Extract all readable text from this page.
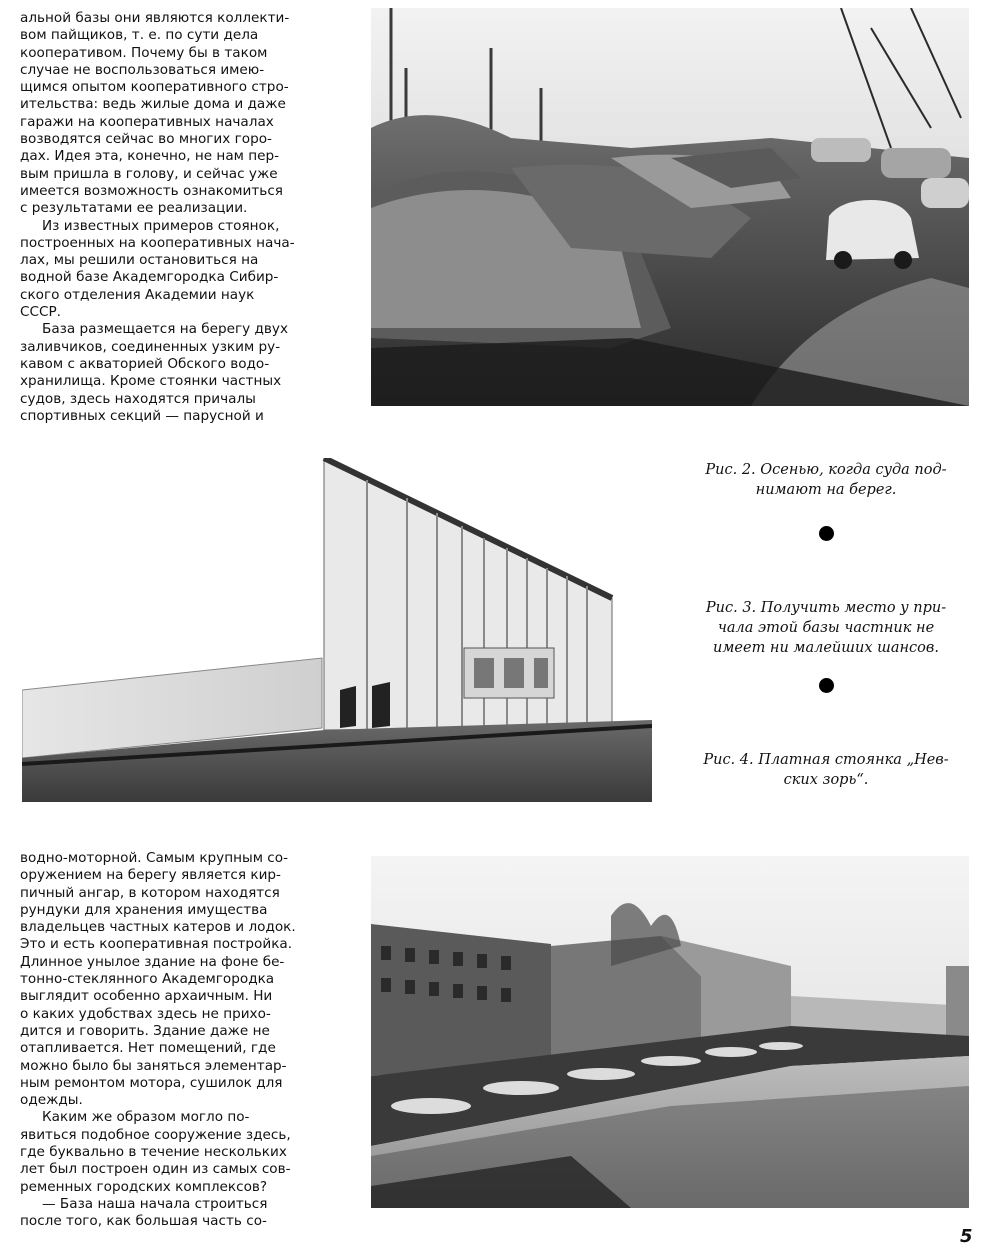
альной базы они являются коллекти-
вом пайщиков, т. е. по сути дела
кооперативом. Почему бы в таком
случае не воспользоваться имею-
щимся опытом кооперативного стро-
ительства: ведь жилые дома и даже
гаражи на кооперативных началах
возводятся сейчас во многих горо-
дах. Идея эта, конечно, не нам пер-
вым пришла в голову, и сейчас уже
имеется возможность ознакомиться
с результатами ее реализации.

Из известных примеров стоянок,
построенных на кооперативных нача-
лах, мы решили остановиться на
водной базе Академгородка Сибир-
ского отделения Академии наук
СССР.

База размещается на берегу двух
заливчиков, соединенных узким ру-
кавом с акваторией Обского водо-
хранилища. Кроме стоянки частных
судов, здесь находятся причалы
спортивных секций — парусной и

Рис. 2. Осенью, когда суда под-
нимают на берег.
Рис. 3. Получить место у при-
чала этой базы частник не
имеет ни малейших шансов.
Рис. 4. Платная стоянка „Нев-
ских зорь“.

водно-моторной. Самым крупным со-
оружением на берегу является кир-
пичный ангар, в котором находятся
рундуки для хранения имущества
владельцев частных катеров и лодок.
Это и есть кооперативная постройка.
Длинное унылое здание на фоне бе-
тонно-стеклянного Академгородка
выглядит особенно архаичным. Ни
о каких удобствах здесь не прихо-
дится и говорить. Здание даже не
отапливается. Нет помещений, где
можно было бы заняться элементар-
ным ремонтом мотора, сушилок для
одежды.

Каким же образом могло по-
явиться подобное сооружение здесь,
где буквально в течение нескольких
лет был построен один из самых сов-
ременных городских комплексов?

— База наша начала строиться
после того, как большая часть со-

5
